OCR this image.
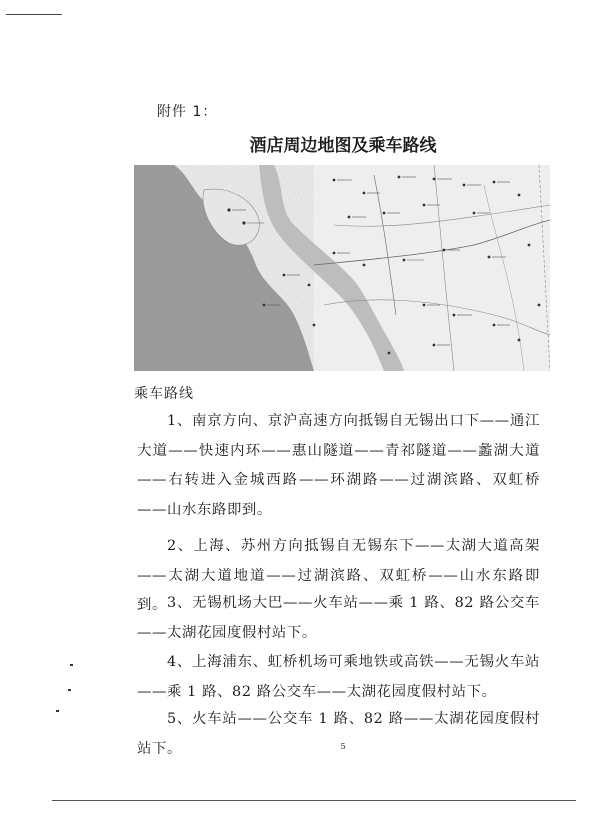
附件 1：
酒店周边地图及乘车路线
乘车路线

1、南京方向、京沪高速方向抵锡自无锡出口下——通江大道——快速内环——惠山隧道——青祁隧道——蠡湖大道——右转进入金城西路——环湖路——过湖滨路、双虹桥——山水东路即到。

2、上海、苏州方向抵锡自无锡东下——太湖大道高架——太湖大道地道——过湖滨路、双虹桥——山水东路即到。 3、无锡机场大巴——火车站——乘 1 路、82 路公交车——太湖花园度假村站下。

4、上海浦东、虹桥机场可乘地铁或高铁——无锡火车站——乘 1 路、82 路公交车——太湖花园度假村站下。

5、火车站——公交车 1 路、82 路——太湖花园度假村站下。	5
